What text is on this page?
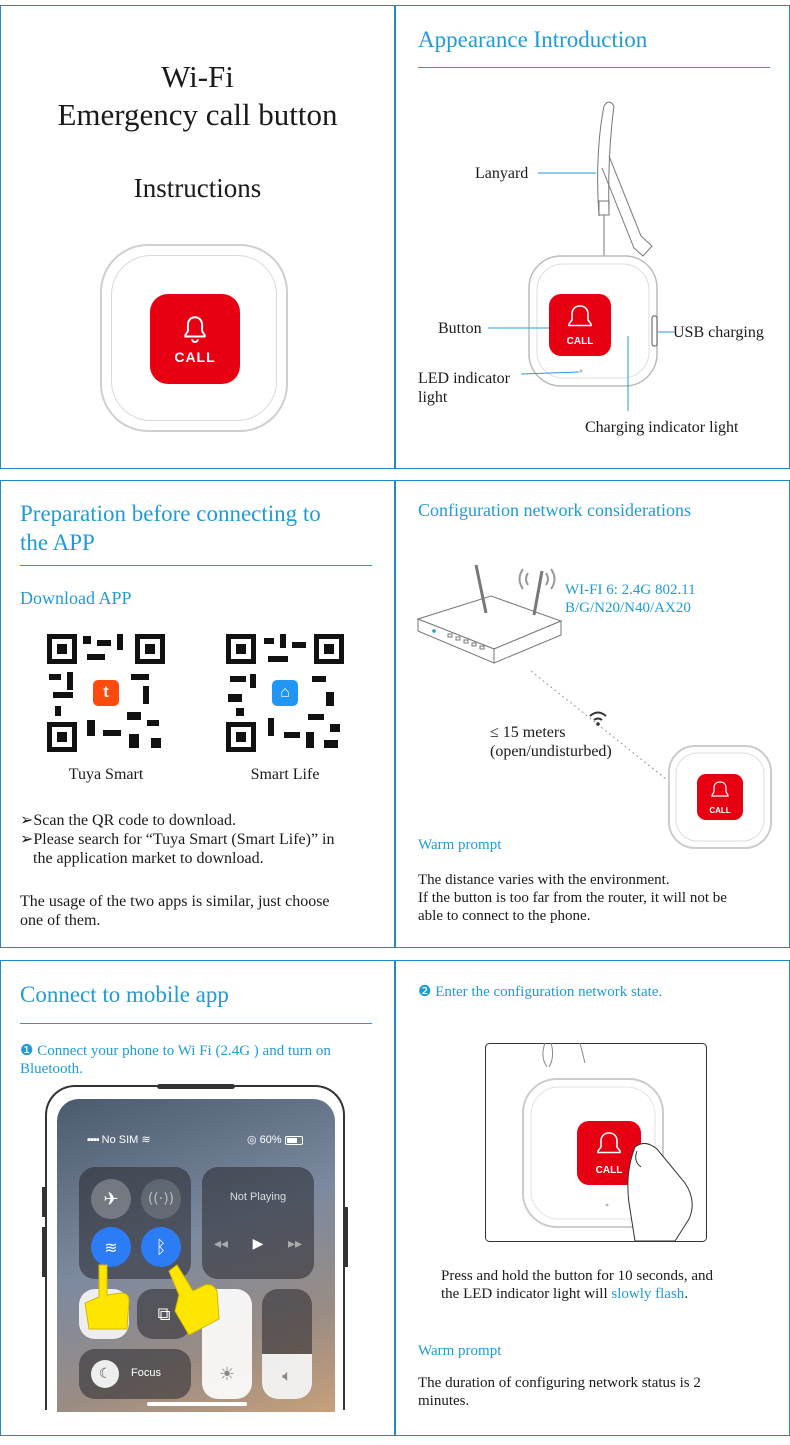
Wi-Fi
Emergency call button
Instructions
CALL
Appearance Introduction
CALL
Lanyard
Button	USB charging
LED indicator
light
Charging indicator light
Preparation before connecting to
the APP
Download APP
t
Tuya Smart
⌂
Smart Life
➢Scan the QR code to download.
➢Please search for “Tuya Smart (Smart Life)” in
the application market to download.
The usage of the two apps is similar, just choose
one of them.
Configuration network considerations
CALL
WI-FI 6: 2.4G 802.11
B/G/N20/N40/AX20
≤ 15 meters
(open/undisturbed)
Warm prompt
The distance varies with the environment.
If the button is too far from the router, it will not be
able to connect to the phone.
Connect to mobile app
❶ Connect your phone to Wi Fi (2.4G ) and turn on
Bluetooth.
▪▪▪▪ No SIM ≋	◎ 60%
✈	((·))
≋	ᛒ
Not Playing
◂◂ ▶ ▸▸
⧉
☀	🔈︎
☾	Focus
❷ Enter the configuration network state.
CALL
Press and hold the button for 10 seconds, and
the LED indicator light will slowly flash.
Warm prompt
The duration of configuring network status is 2
minutes.
